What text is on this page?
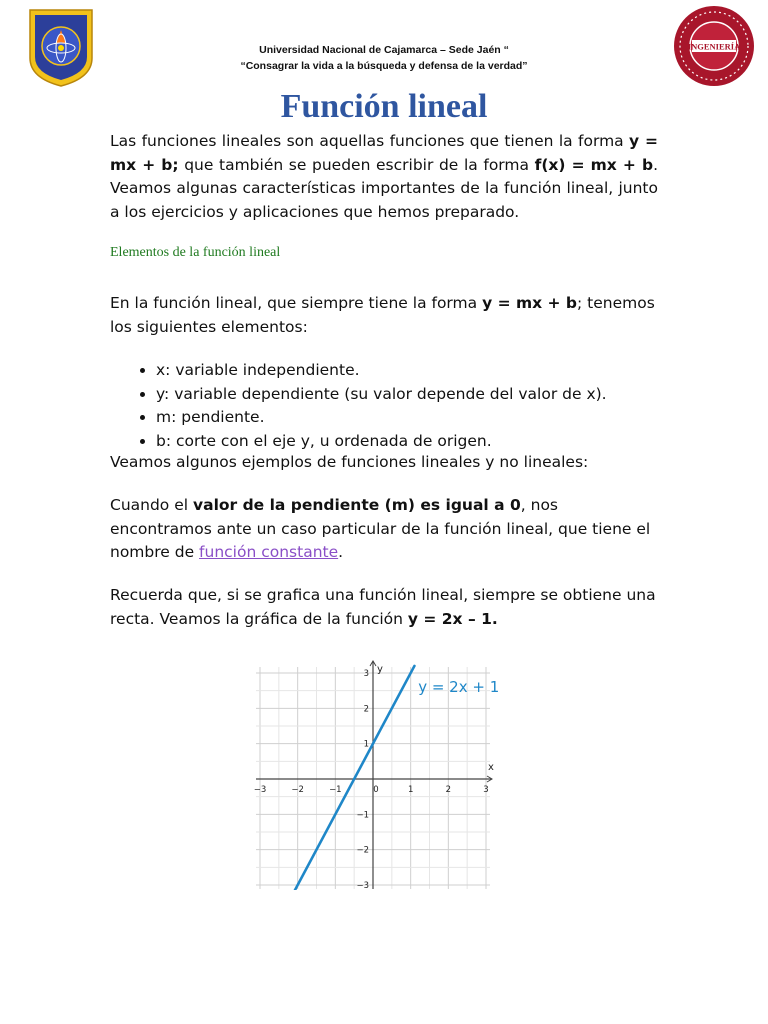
INGENIERÍA
Universidad Nacional de Cajamarca – Sede Jaén “
“Consagrar la vida a la búsqueda y defensa de la verdad”
Función lineal
Las funciones lineales son aquellas funciones que tienen la forma y = mx + b; que también se pueden escribir de la forma f(x) = mx + b. Veamos algunas características importantes de la función lineal, junto a los ejercicios y aplicaciones que hemos preparado.
Elementos de la función lineal
En la función lineal, que siempre tiene la forma y = mx + b; tenemos los siguientes elementos:
• x: variable independiente.
• y: variable dependiente (su valor depende del valor de x).
• m: pendiente.
• b: corte con el eje y, u ordenada de origen.
Veamos algunos ejemplos de funciones lineales y no lineales:
Cuando el valor de la pendiente (m) es igual a 0, nos encontramos ante un caso particular de la función lineal, que tiene el nombre de función constante.
Recuerda que, si se grafica una función lineal, siempre se obtiene una recta. Veamos la gráfica de la función y = 2x – 1.
−3	−2	−1	0	1	2	3
3
2
1
−1
−2
−3
x
y
y = 2x + 1
